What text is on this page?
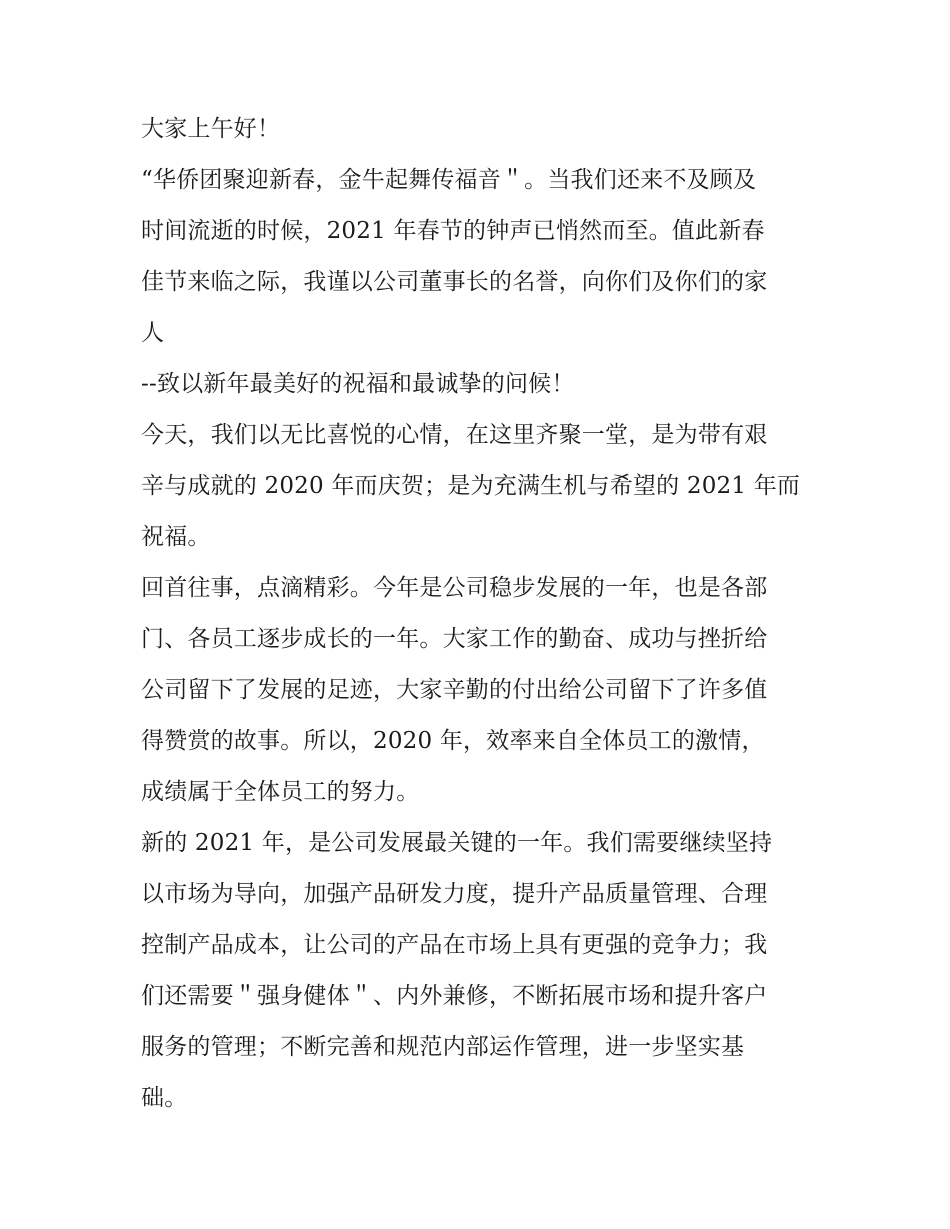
大家上午好！
“华侨团聚迎新春，金牛起舞传福音＂。当我们还来不及顾及
时间流逝的时候，2021 年春节的钟声已悄然而至。值此新春
佳节来临之际，我谨以公司董事长的名誉，向你们及你们的家
人
--致以新年最美好的祝福和最诚挚的问候！
今天，我们以无比喜悦的心情，在这里齐聚一堂，是为带有艰
辛与成就的 2020 年而庆贺；是为充满生机与希望的 2021 年而
祝福。
回首往事，点滴精彩。今年是公司稳步发展的一年，也是各部
门、各员工逐步成长的一年。大家工作的勤奋、成功与挫折给
公司留下了发展的足迹，大家辛勤的付出给公司留下了许多值
得赞赏的故事。所以，2020 年，效率来自全体员工的激情，
成绩属于全体员工的努力。
新的 2021 年，是公司发展最关键的一年。我们需要继续坚持
以市场为导向，加强产品研发力度，提升产品质量管理、合理
控制产品成本，让公司的产品在市场上具有更强的竞争力；我
们还需要＂强身健体＂、内外兼修，不断拓展市场和提升客户
服务的管理；不断完善和规范内部运作管理，进一步坚实基
础。
